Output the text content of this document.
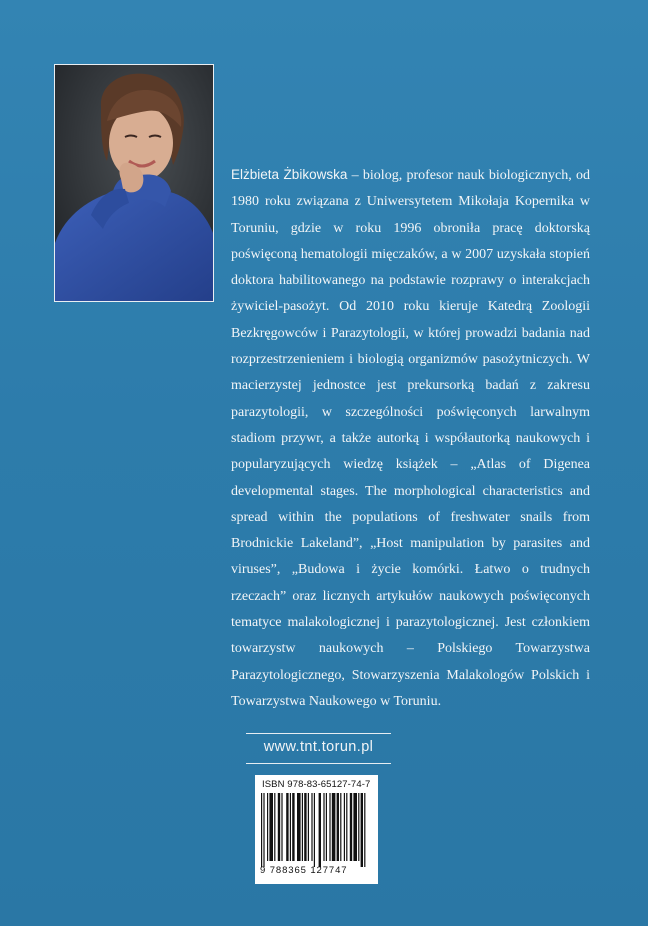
Elżbieta Żbikowska – biolog, profesor nauk biologicznych, od 1980 roku związana z Uniwersytetem Mikołaja Kopernika w Toruniu, gdzie w roku 1996 obroniła pracę doktorską poświęconą hematologii mięczaków, a w 2007 uzyskała stopień doktora habilitowanego na podstawie rozprawy o interakcjach żywiciel-pasożyt. Od 2010 roku kieruje Katedrą Zoologii Bezkręgowców i Parazytologii, w której prowadzi badania nad rozprzestrzenieniem i biologią organizmów pasożytniczych. W macierzystej jednostce jest prekursorką badań z zakresu parazytologii, w szczególności poświęconych larwalnym stadiom przywr, a także autorką i współautorką naukowych i popularyzujących wiedzę książek – „Atlas of Digenea developmental stages. The morphological characteristics and spread within the populations of freshwater snails from Brodnickie Lakeland”, „Host manipulation by parasites and viruses”, „Budowa i życie komórki. Łatwo o trudnych rzeczach” oraz licznych artykułów naukowych poświęconych tematyce malakologicznej i parazytologicznej. Jest członkiem towarzystw naukowych – Polskiego Towarzystwa Parazytologicznego, Stowarzyszenia Malakologów Polskich i Towarzystwa Naukowego w Toruniu.

www.tnt.torun.pl
ISBN 978-83-65127-74-7
9 788365 127747
